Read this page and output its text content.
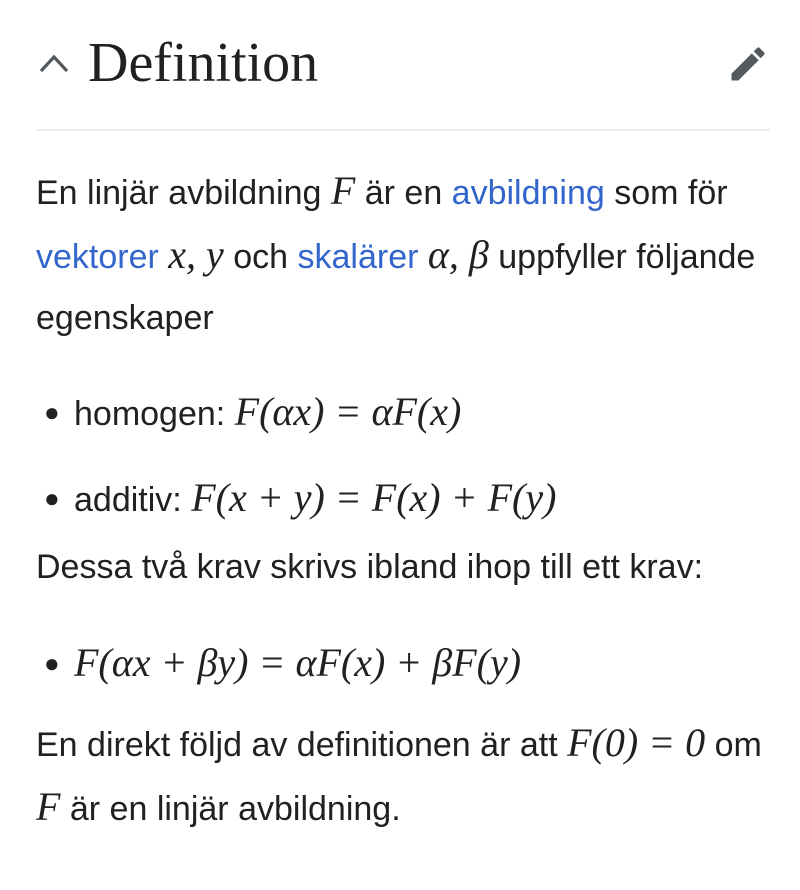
Definition

En linjär avbildning F är en avbildning som för vektorer x, y och skalärer α, β uppfyller följande egenskaper

● homogen: F(αx) = αF(x)
● additiv: F(x + y) = F(x) + F(y)

Dessa två krav skrivs ibland ihop till ett krav:

● F(αx + βy) = αF(x) + βF(y)

En direkt följd av definitionen är att F(0) = 0 om F är en linjär avbildning.
